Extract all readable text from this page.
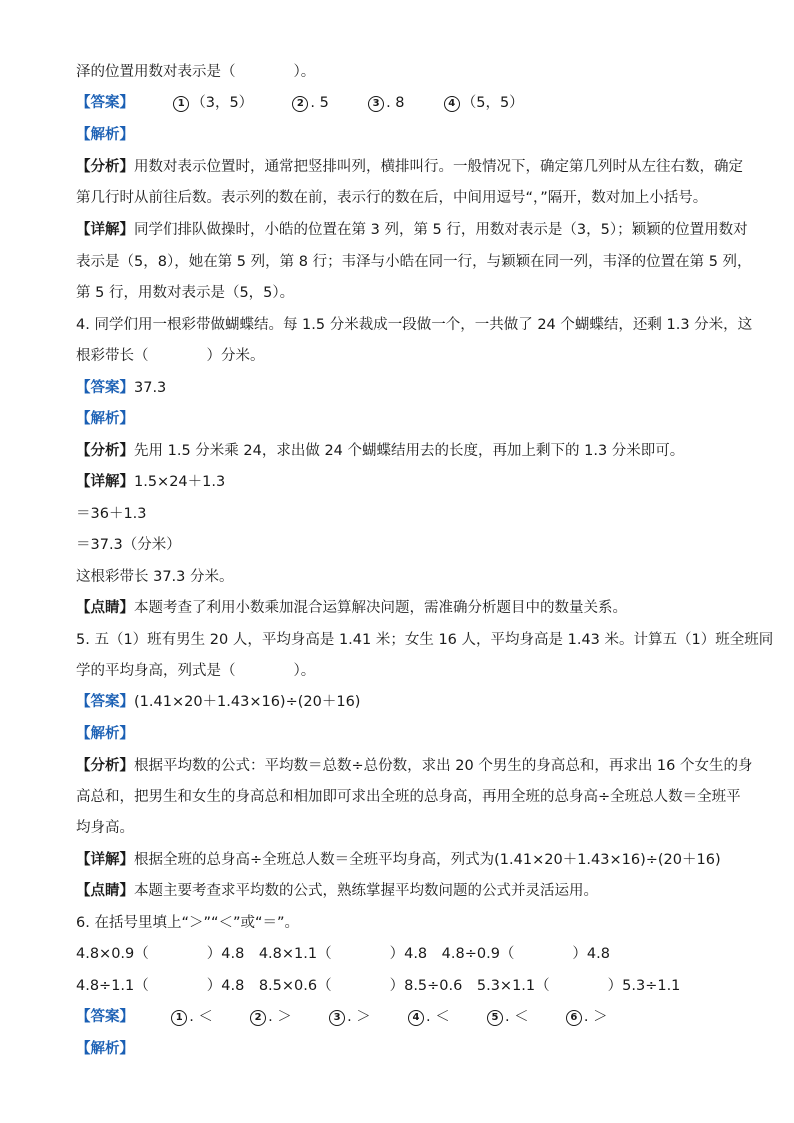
泽的位置用数对表示是（　　　　）。
【答案】	1 （3，5）	2 . 5	3 . 8	4 （5，5）
【解析】
【分析】用数对表示位置时，通常把竖排叫列，横排叫行。一般情况下，确定第几列时从左往右数，确定
第几行时从前往后数。表示列的数在前，表示行的数在后，中间用逗号“，”隔开，数对加上小括号。
【详解】同学们排队做操时，小皓的位置在第 3 列，第 5 行，用数对表示是（3，5）；颖颖的位置用数对
表示是（5，8），她在第 5 列，第 8 行；韦泽与小皓在同一行，与颖颖在同一列，韦泽的位置在第 5 列，
第 5 行，用数对表示是（5，5）。
4. 同学们用一根彩带做蝴蝶结。每 1.5 分米裁成一段做一个，一共做了 24 个蝴蝶结，还剩 1.3 分米，这
根彩带长（　　　　）分米。
【答案】37.3
【解析】
【分析】先用 1.5 分米乘 24，求出做 24 个蝴蝶结用去的长度，再加上剩下的 1.3 分米即可。
【详解】1.5×24＋1.3
＝36＋1.3
＝37.3（分米）
这根彩带长 37.3 分米。
【点睛】本题考查了利用小数乘加混合运算解决问题，需准确分析题目中的数量关系。
5. 五（1）班有男生 20 人，平均身高是 1.41 米；女生 16 人，平均身高是 1.43 米。计算五（1）班全班同
学的平均身高，列式是（　　　　）。
【答案】(1.41×20＋1.43×16)÷(20＋16)
【解析】
【分析】根据平均数的公式：平均数＝总数÷总份数，求出 20 个男生的身高总和，再求出 16 个女生的身
高总和，把男生和女生的身高总和相加即可求出全班的总身高，再用全班的总身高÷全班总人数＝全班平
均身高。
【详解】根据全班的总身高÷全班总人数＝全班平均身高，列式为(1.41×20＋1.43×16)÷(20＋16)
【点睛】本题主要考查求平均数的公式，熟练掌握平均数问题的公式并灵活运用。
6. 在括号里填上“＞”“＜”或“＝”。
4.8×0.9（　　　　）4.8　4.8×1.1（　　　　）4.8　4.8÷0.9（　　　　）4.8
4.8÷1.1（　　　　）4.8　8.5×0.6（　　　　）8.5÷0.6　5.3×1.1（　　　　）5.3÷1.1
【答案】	1 . ＜	2 . ＞	3 . ＞	4 . ＜	5 . ＜	6 . ＞
【解析】
